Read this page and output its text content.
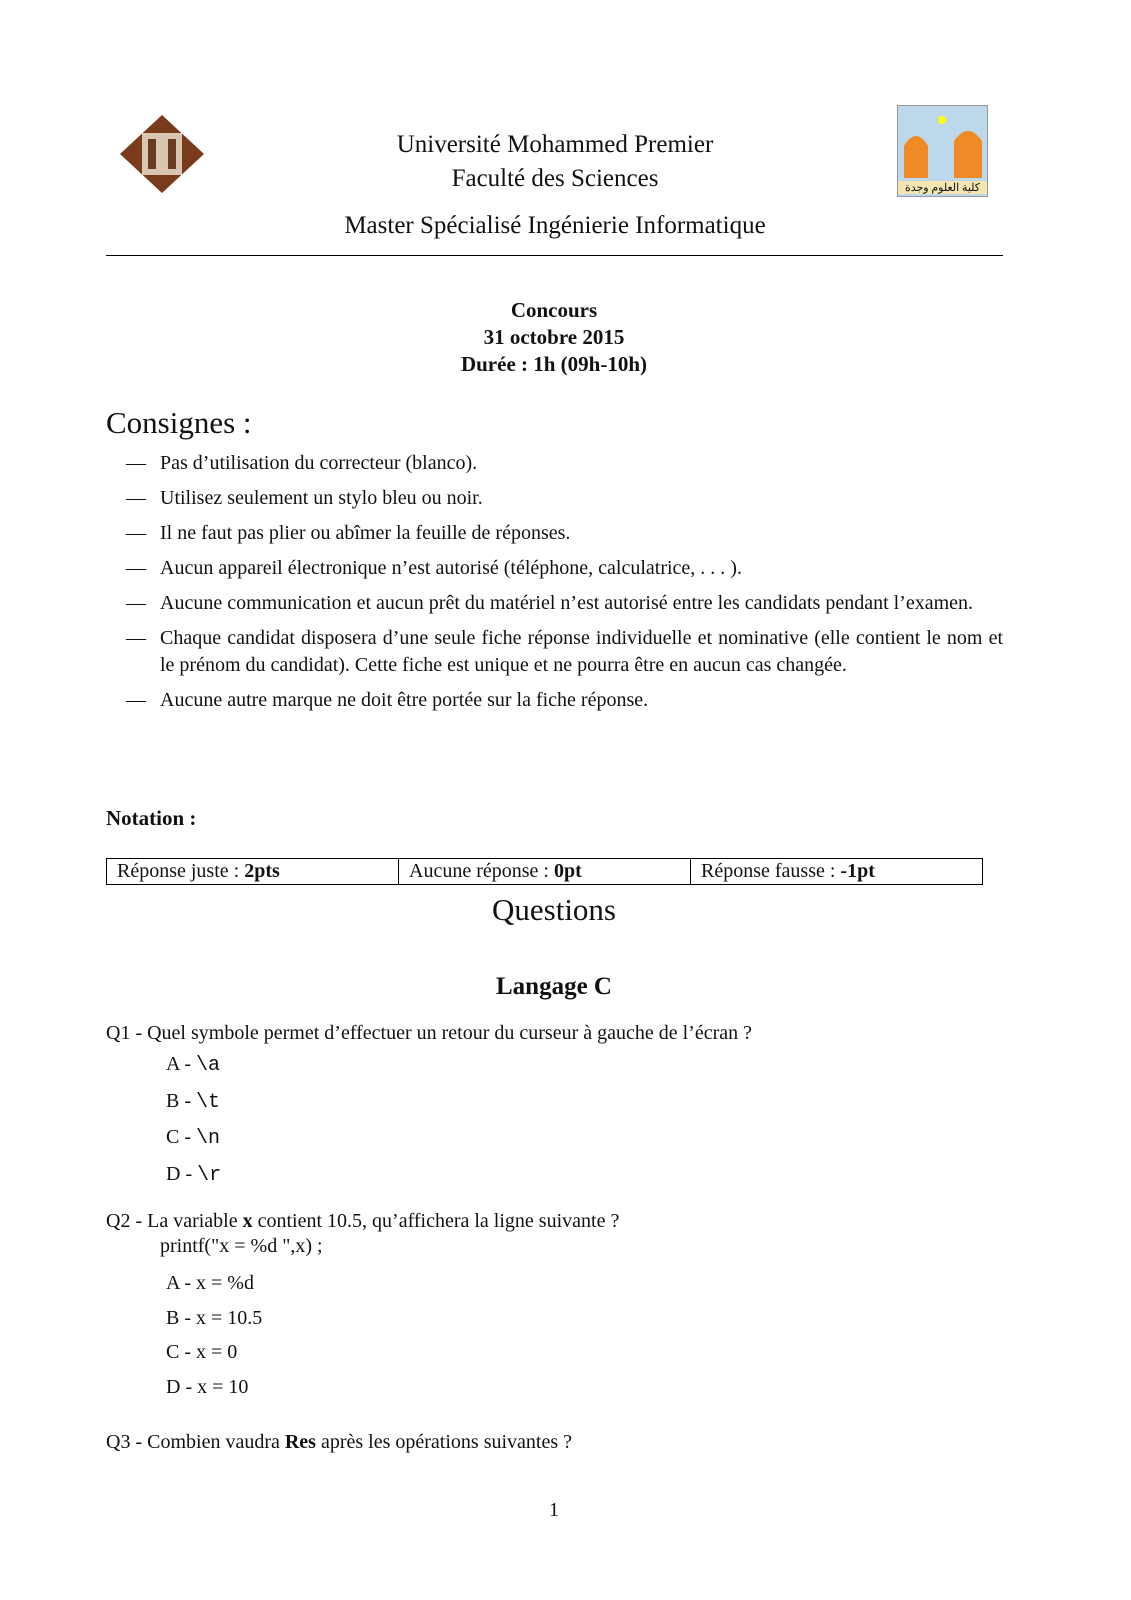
كلية العلوم وجدة
Université Mohammed Premier
Faculté des Sciences
Master Spécialisé Ingénierie Informatique
Concours
31 octobre 2015
Durée : 1h (09h-10h)
Consignes :
— Pas d’utilisation du correcteur (blanco).
— Utilisez seulement un stylo bleu ou noir.
— Il ne faut pas plier ou abîmer la feuille de réponses.
— Aucun appareil électronique n’est autorisé (téléphone, calculatrice, . . . ).
— Aucune communication et aucun prêt du matériel n’est autorisé entre les candidats pendant l’examen.
— Chaque candidat disposera d’une seule fiche réponse individuelle et nominative (elle contient le nom et le prénom du candidat). Cette fiche est unique et ne pourra être en aucun cas changée.
— Aucune autre marque ne doit être portée sur la fiche réponse.
Notation :
Réponse juste : 2pts	Aucune réponse : 0pt	Réponse fausse : -1pt
Questions
Langage C
Q1 - Quel symbole permet d’effectuer un retour du curseur à gauche de l’écran ?
A - \a
B - \t
C - \n
D - \r
Q2 - La variable x contient 10.5, qu’affichera la ligne suivante ?
printf("x = %d ",x) ;
A - x = %d
B - x = 10.5
C - x = 0
D - x = 10
Q3 - Combien vaudra Res après les opérations suivantes ?
1
